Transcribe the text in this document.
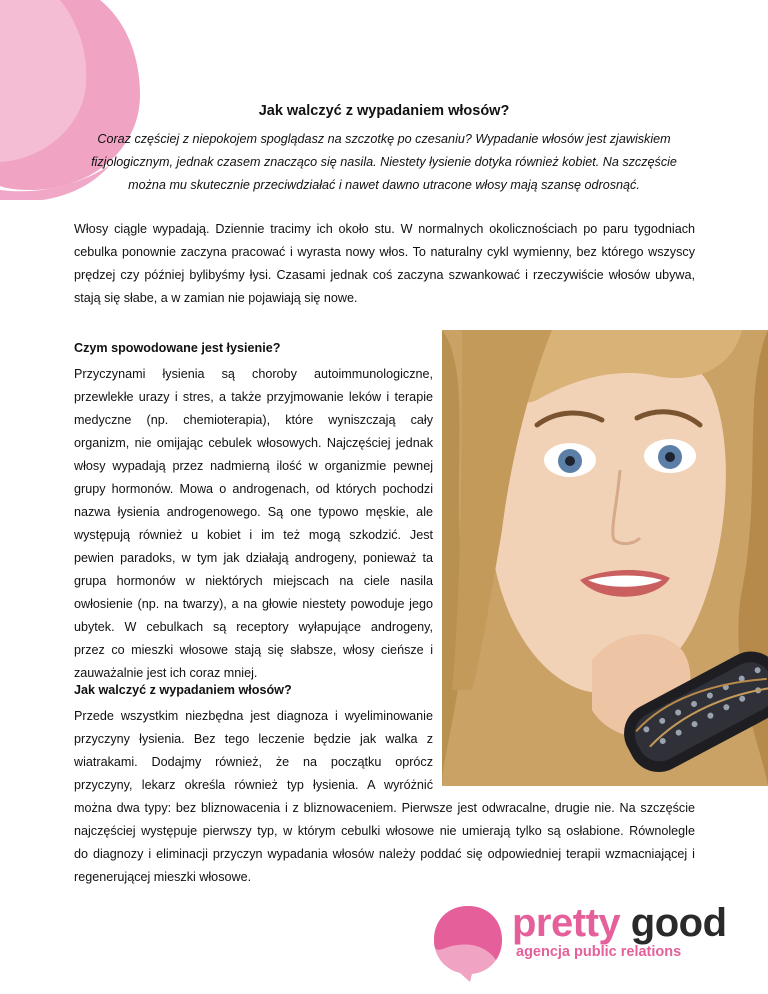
Jak walczyć z wypadaniem włosów?
Coraz częściej z niepokojem spoglądasz na szczotkę po czesaniu? Wypadanie włosów jest zjawiskiem
fizjologicznym, jednak czasem znacząco się nasila. Niestety łysienie dotyka również kobiet. Na szczęście
można mu skutecznie przeciwdziałać i nawet dawno utracone włosy mają szansę odrosnąć.
Włosy ciągle wypadają. Dziennie tracimy ich około stu. W normalnych okolicznościach po paru tygodniach
cebulka ponownie zaczyna pracować i wyrasta nowy włos. To naturalny cykl wymienny, bez którego wszyscy
prędzej czy później bylibyśmy łysi. Czasami jednak coś zaczyna szwankować i rzeczywiście włosów ubywa,
stają się słabe, a w zamian nie pojawiają się nowe.
Czym spowodowane jest łysienie?
Przyczynami łysienia są choroby autoimmunologiczne,
przewlekłe urazy i stres, a także przyjmowanie leków i terapie
medyczne (np. chemioterapia), które wyniszczają cały
organizm, nie omijając cebulek włosowych. Najczęściej jednak
włosy wypadają przez nadmierną ilość w organizmie pewnej
grupy hormonów. Mowa o androgenach, od których pochodzi
nazwa łysienia androgenowego. Są one typowo męskie, ale
występują również u kobiet i im też mogą szkodzić. Jest
pewien paradoks, w tym jak działają androgeny, ponieważ ta
grupa hormonów w niektórych miejscach na ciele nasila
owłosienie (np. na twarzy), a na głowie niestety powoduje jego
ubytek. W cebulkach są receptory wyłapujące androgeny,
przez co mieszki włosowe stają się słabsze, włosy cieńsze i
zauważalnie jest ich coraz mniej.
Jak walczyć z wypadaniem włosów?
Przede wszystkim niezbędna jest diagnoza i wyeliminowanie
przyczyny łysienia. Bez tego leczenie będzie jak walka z
wiatrakami. Dodajmy również, że na początku oprócz
przyczyny, lekarz określa również typ łysienia. A wyróżnić
można dwa typy: bez bliznowacenia i z bliznowaceniem. Pierwsze jest odwracalne, drugie nie. Na szczęście
najczęściej występuje pierwszy typ, w którym cebulki włosowe nie umierają tylko są osłabione. Równolegle
do diagnozy i eliminacji przyczyn wypadania włosów należy poddać się odpowiedniej terapii wzmacniającej i
regenerującej mieszki włosowe.
pretty good
agencja public relations
